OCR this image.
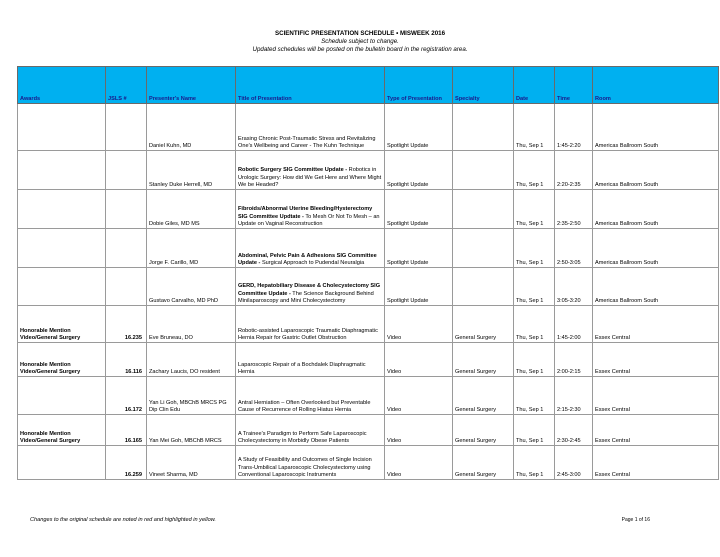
SCIENTIFIC PRESENTATION SCHEDULE • MISWEEK 2016
Schedule subject to change.
Updated schedules will be posted on the bulletin board in the registration area.
Awards	JSLS #	Presenter's Name	Title of Presentation	Type of Presentation	Specialty	Date	Time	Room
		Daniel Kuhn, MD	Erasing Chronic Post-Traumatic Stress and Revitalizing One's Wellbeing and Career - The Kuhn Technique	Spotlight Update		Thu, Sep 1	1:45-2:20	Americas Ballroom South
		Stanley Duke Herrell, MD	Robotic Surgery SIG Committee Update - Robotics in Urologic Surgery: How did We Get Here and Where Might We be Headed?	Spotlight Update		Thu, Sep 1	2:20-2:35	Americas Ballroom South
		Dobie Giles, MD MS	Fibroids/Abnormal Uterine Bleeding/Hysterectomy SIG Committee Updtate - To Mesh Or Not To Mesh – an Update on Vaginal Reconstruction	Spotlight Update		Thu, Sep 1	2:35-2:50	Americas Ballroom South
		Jorge F. Carillo, MD	Abdominal, Pelvic Pain & Adhesions SIG Committee Update - Surgical Approach to Pudendal Neuralgia	Spotlight Update		Thu, Sep 1	2:50-3:05	Americas Ballroom South
		Gustavo Carvalho, MD PhD	GERD, Hepatobiliary Disease & Cholecystectomy SIG Committee Update - The Science Background Behind Minilaparoscopy and Mini Cholecystectomy	Spotlight Update		Thu, Sep 1	3:05-3:20	Americas Ballroom South
Honorable Mention Video/General Surgery	16.235	Eve Bruneau, DO	Robotic-assisted Laparoscopic Traumatic Diaphragmatic Hernia Repair for Gastric Outlet Obstruction	Video	General Surgery	Thu, Sep 1	1:45-2:00	Essex Central
Honorable Mention Video/General Surgery	16.116	Zachary Laucis, DO resident	Laparoscopic Repair of a Bochdalek Diaphragmatic Hernia	Video	General Surgery	Thu, Sep 1	2:00-2:15	Essex Central
	16.172	Yan Li Goh, MBChB MRCS PG Dip Clin Edu	Antral Herniation – Often Overlooked but Preventable Cause of Recurrence of Rolling Hiatus Hernia	Video	General Surgery	Thu, Sep 1	2:15-2:30	Essex Central
Honorable Mention Video/General Surgery	16.165	Yan Mei Goh, MBChB MRCS	A Trainee's Paradigm to Perform Safe Laparoscopic Cholecystectomy in Morbidly Obese Patients	Video	General Surgery	Thu, Sep 1	2:30-2:45	Essex Central
	16.259	Vineet Sharma, MD	A Study of Feasibility and Outcomes of Single Incision Trans-Umbilical Laparoscopic Cholecystectomy using Conventional Laparoscopic Instruments	Video	General Surgery	Thu, Sep 1	2:45-3:00	Essex Central
Changes to the original schedule are noted in red and highlighted in yellow.	Page 1 of 16
